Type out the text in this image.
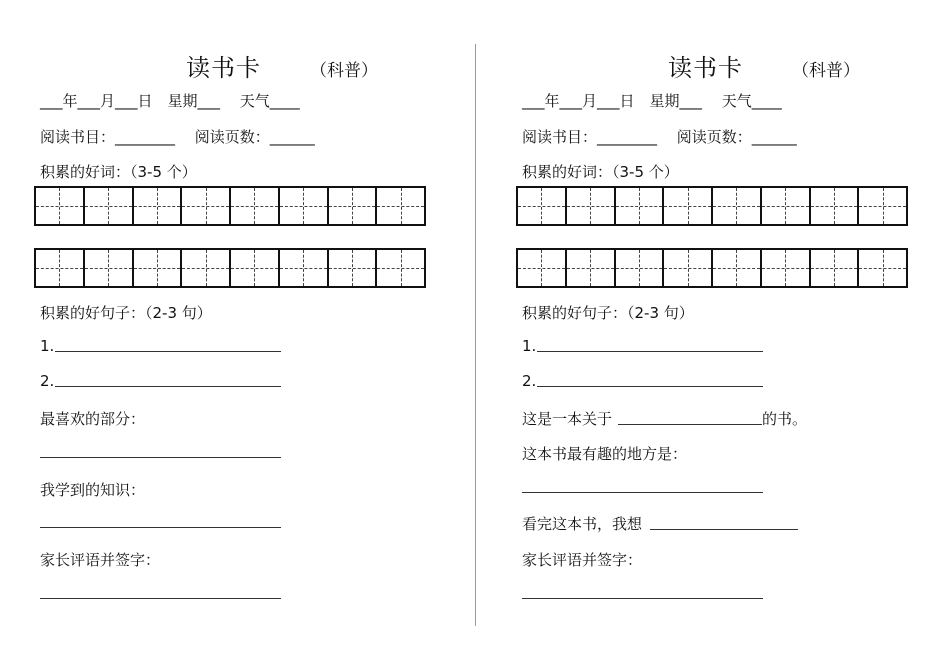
读书卡	（科普）
___年___月___日　星期___　 天气____
阅读书目：________　 阅读页数：______
积累的好词：（3-5 个）
积累的好句子：（2-3 句）
1.
2.
最喜欢的部分：
我学到的知识：
家长评语并签字：
读书卡	（科普）
___年___月___日　星期___　 天气____
阅读书目：________　 阅读页数：______
积累的好词：（3-5 个）
积累的好句子：（2-3 句）
1.
2.
这是一本关于	的书。
这本书最有趣的地方是：
看完这本书，我想
家长评语并签字：
